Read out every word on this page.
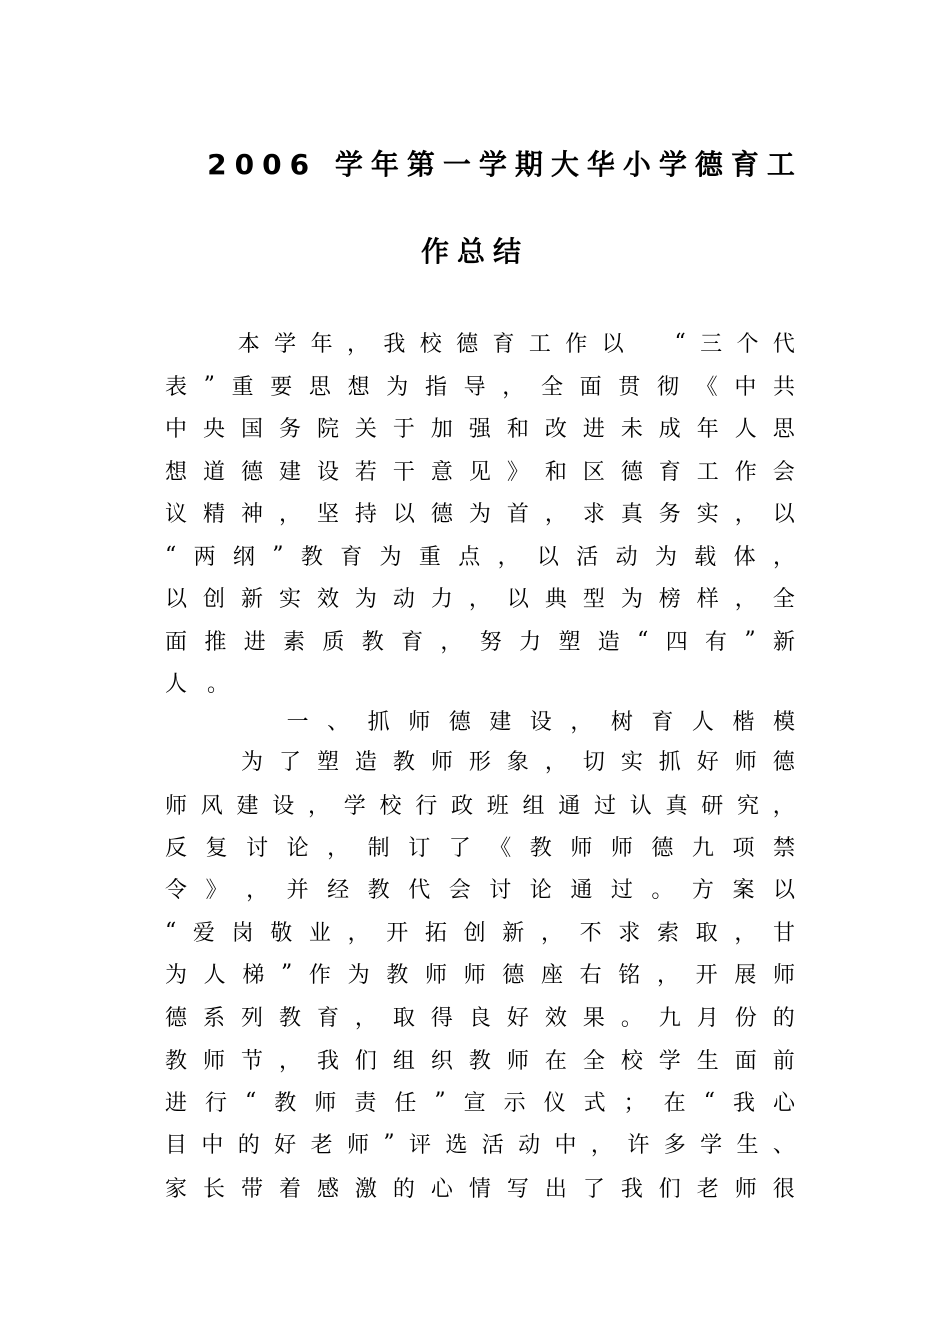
2006 学年第一学期大华小学德育工
作总结

本 学 年 ， 我 校 德 育 工 作 以
　 “ 三 个 代
表 ” 重 要 思 想 为 指 导 ， 全 面 贯 彻 《 中 共
中 央 国 务 院 关 于 加 强 和 改 进 未 成 年 人 思
想 道 德 建 设 若 干 意 见 》 和 区 德 育 工 作 会
议 精 神 ， 坚 持 以 德 为 首 ， 求 真 务 实 ， 以
“ 两 纲 ” 教 育 为 重 点 ， 以 活 动 为 载 体 ，
以 创 新 实 效 为 动 力 ， 以 典 型 为 榜 样 ， 全
面 推 进 素 质 教 育 ， 努 力 塑 造 “ 四 有 ” 新
人 。

一 、 抓 师 德 建 设 ， 树 育 人 楷 模

为 了 塑 造 教 师 形 象 ， 切 实 抓 好 师 德
师 风 建 设 ， 学 校 行 政 班 组 通 过 认 真 研 究 ，
反 复 讨 论 ， 制 订 了 《 教 师 师 德 九 项 禁
令 》 ， 并 经 教 代 会 讨 论 通 过 。 方 案 以
“ 爱 岗 敬 业 ， 开 拓 创 新 ， 不 求 索 取 ， 甘
为 人 梯 ” 作 为 教 师 师 德 座 右 铭 ， 开 展 师
德 系 列 教 育 ， 取 得 良 好 效 果 。 九 月 份 的
教 师 节 ， 我 们 组 织 教 师 在 全 校 学 生 面 前
进 行 “ 教 师 责 任 ” 宣 示 仪 式 ； 在 “ 我 心
目 中 的 好 老 师 ” 评 选 活 动 中 ， 许 多 学 生 、
家 长 带 着 感 激 的 心 情 写 出 了 我 们 老 师 很
